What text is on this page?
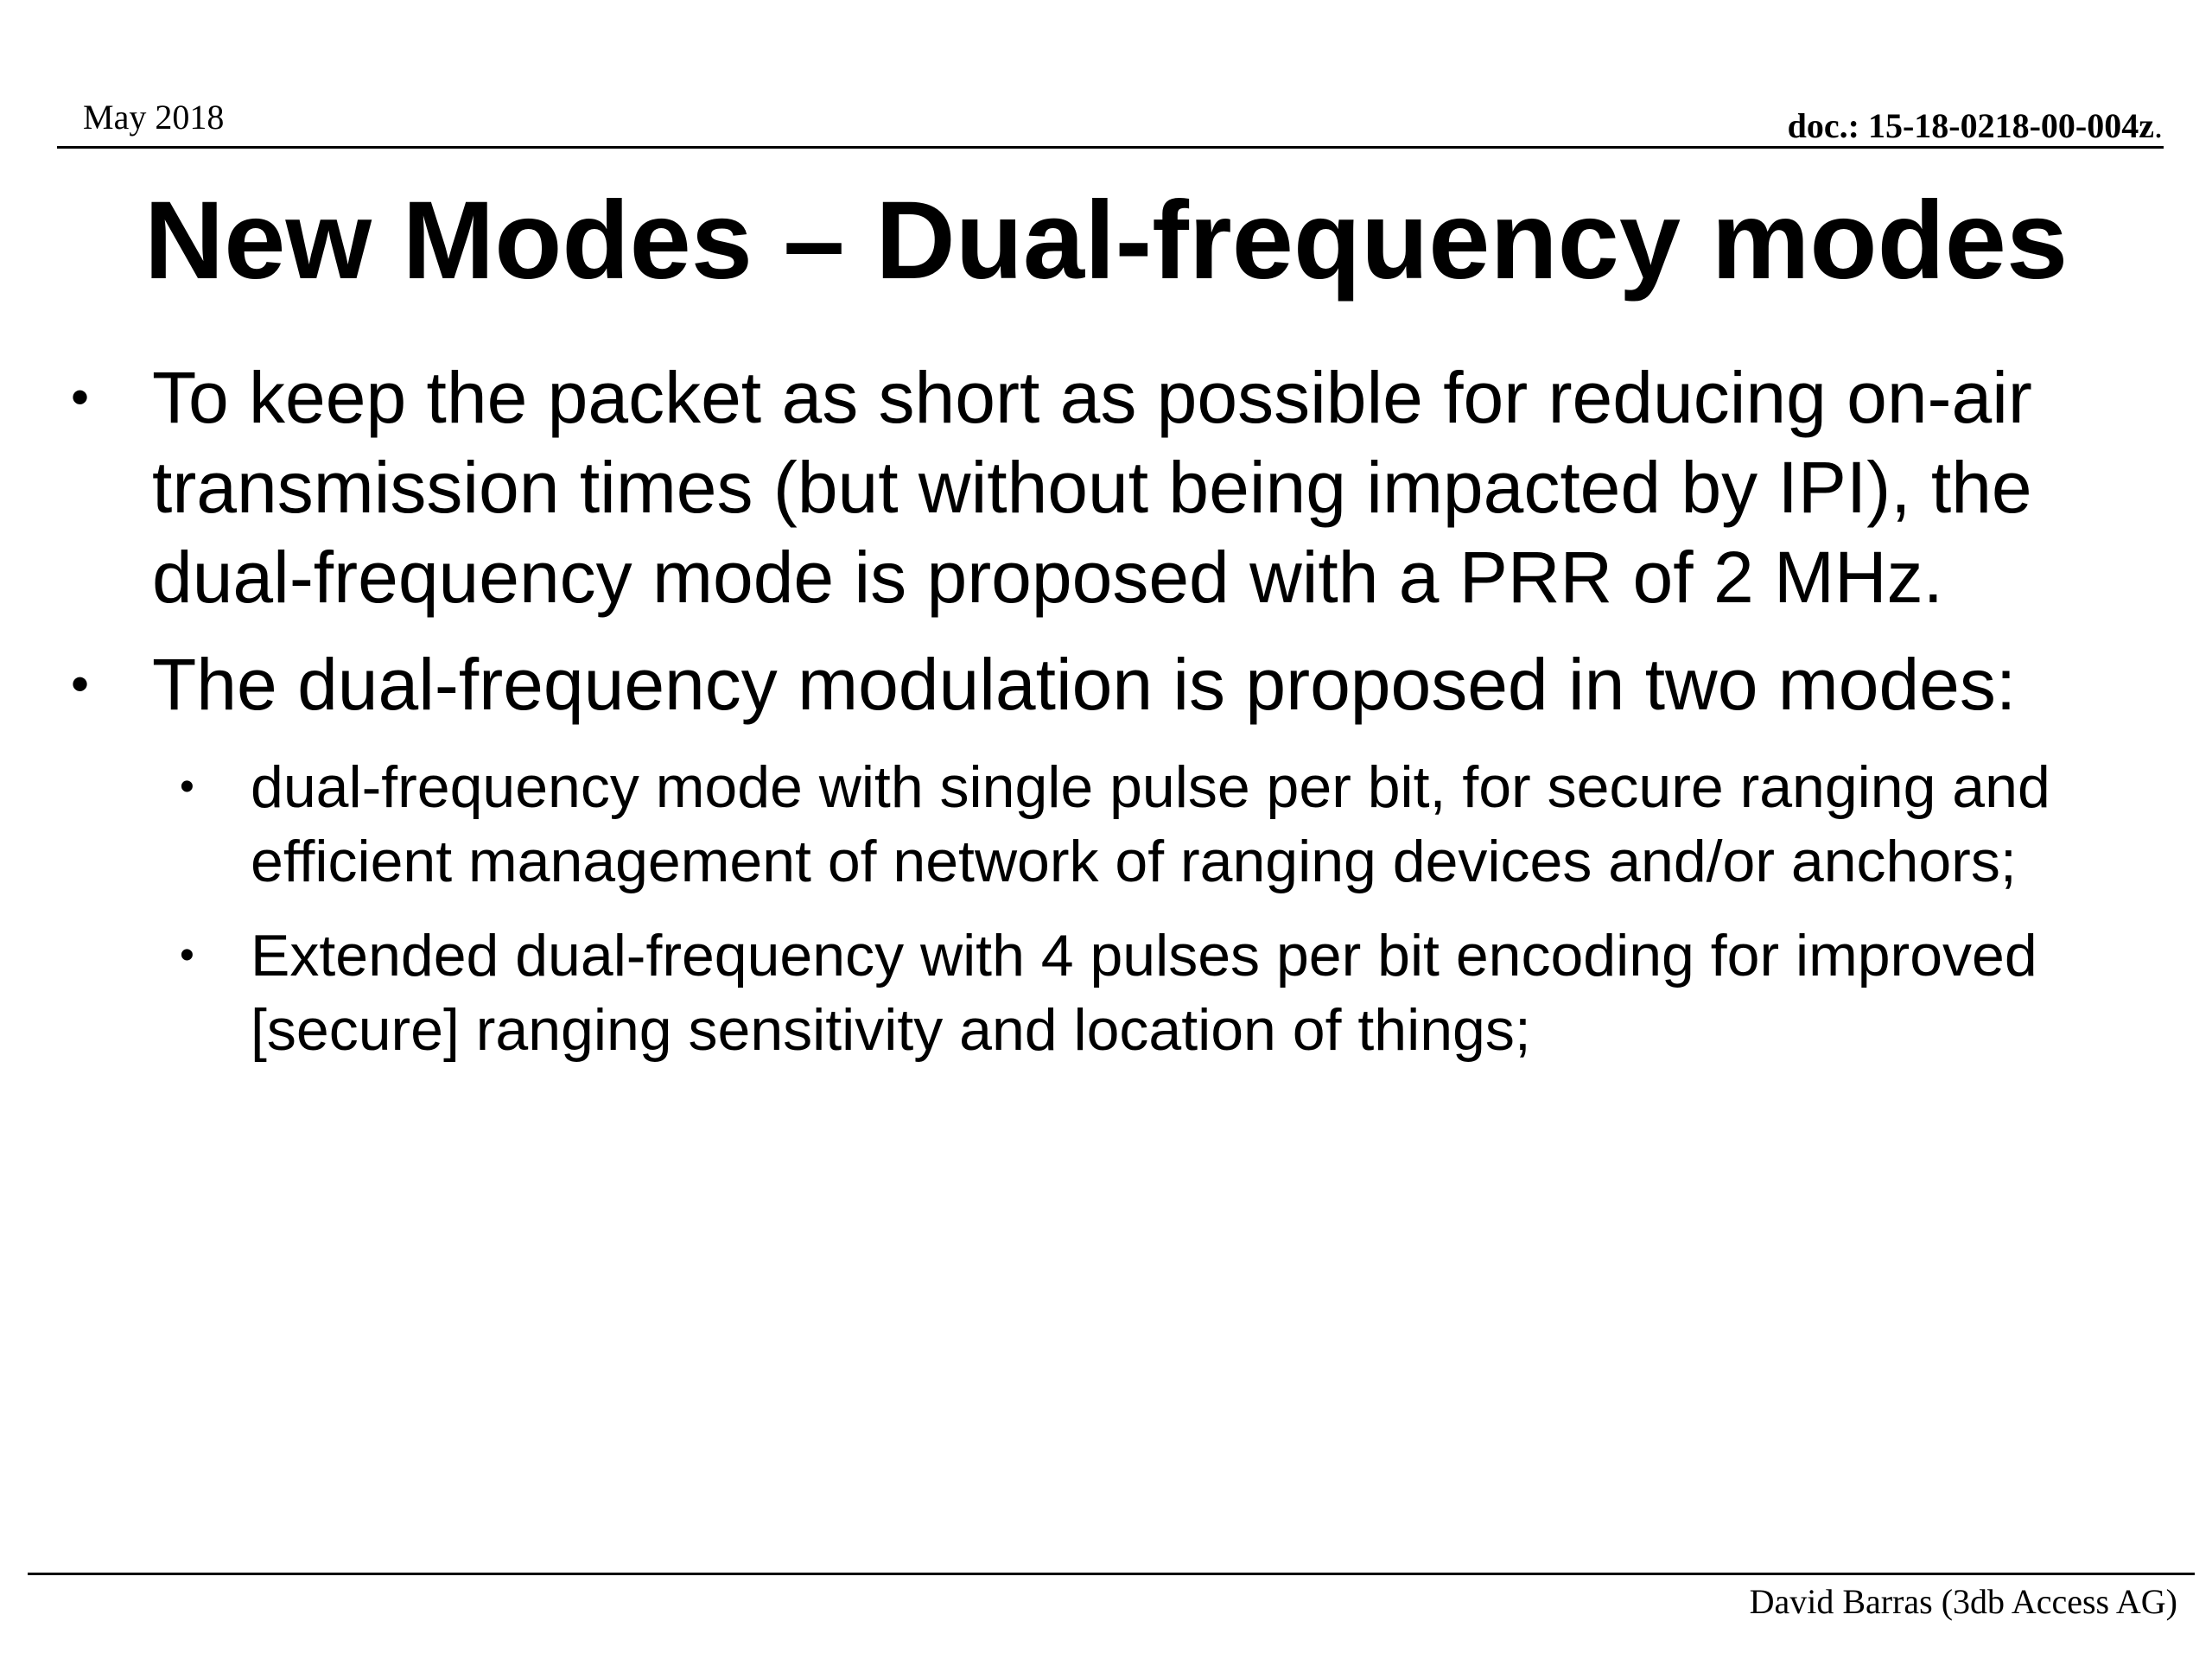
May 2018	doc.: 15-18-0218-00-004z.
New Modes – Dual-frequency modes
• To keep the packet as short as possible for reducing on-air
transmission times (but without being impacted by IPI), the
dual-frequency mode is proposed with a PRR of 2 MHz.
• The dual-frequency modulation is proposed in two modes:
• dual-frequency mode with single pulse per bit, for secure ranging and
efficient management of network of ranging devices and/or anchors;
• Extended dual-frequency with 4 pulses per bit encoding for improved
[secure] ranging sensitivity and location of things;
David Barras (3db Access AG)
